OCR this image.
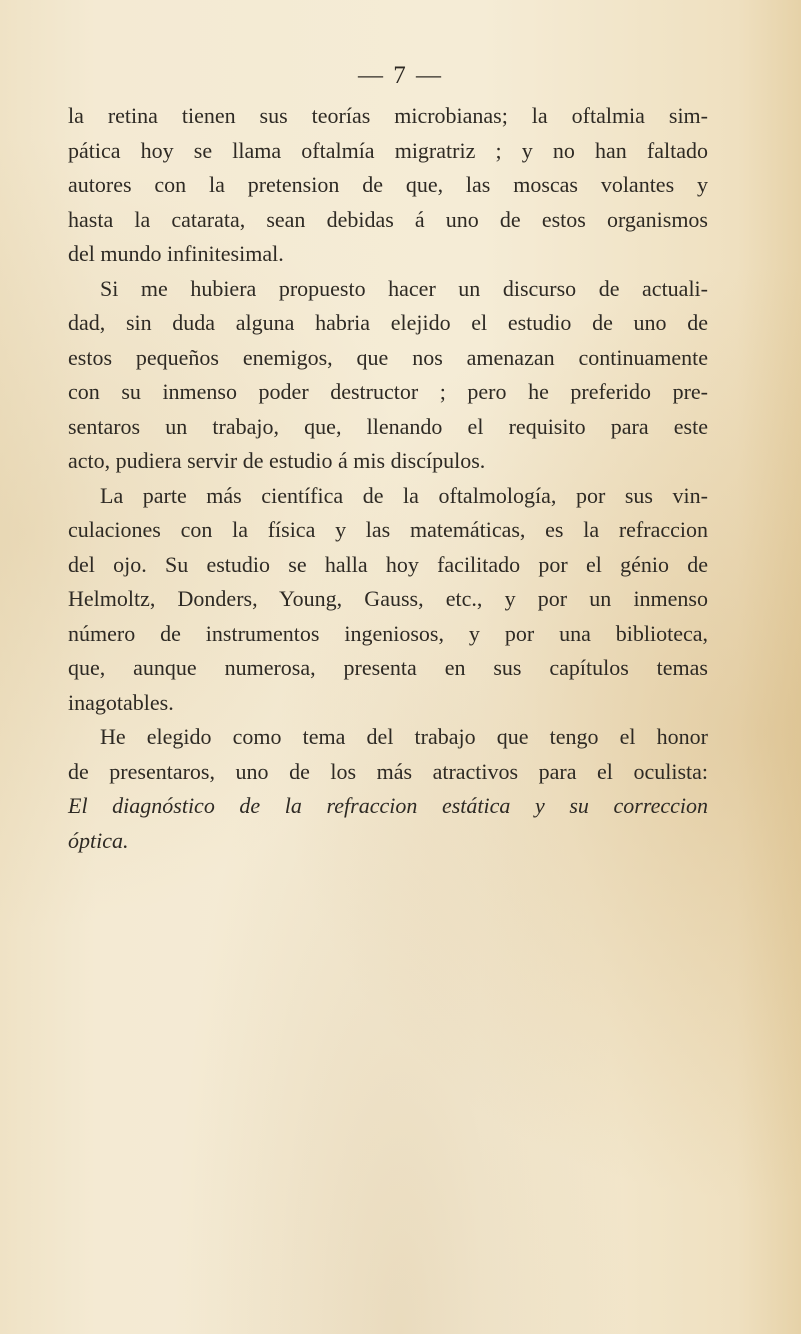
— 7 —
la retina tienen sus teorías microbianas; la oftalmia sim-
pática hoy se llama oftalmía migratriz ; y no han faltado
autores con la pretension de que, las moscas volantes y
hasta la catarata, sean debidas á uno de estos organismos
del mundo infinitesimal.
Si me hubiera propuesto hacer un discurso de actuali-
dad, sin duda alguna habria elejido el estudio de uno de
estos pequeños enemigos, que nos amenazan continuamente
con su inmenso poder destructor ; pero he preferido pre-
sentaros un trabajo, que, llenando el requisito para este
acto, pudiera servir de estudio á mis discípulos.
La parte más científica de la oftalmología, por sus vin-
culaciones con la física y las matemáticas, es la refraccion
del ojo. Su estudio se halla hoy facilitado por el génio de
Helmoltz, Donders, Young, Gauss, etc., y por un inmenso
número de instrumentos ingeniosos, y por una biblioteca,
que, aunque numerosa, presenta en sus capítulos temas
inagotables.
He elegido como tema del trabajo que tengo el honor
de presentaros, uno de los más atractivos para el oculista:
El diagnóstico de la refraccion estática y su correccion
óptica.
